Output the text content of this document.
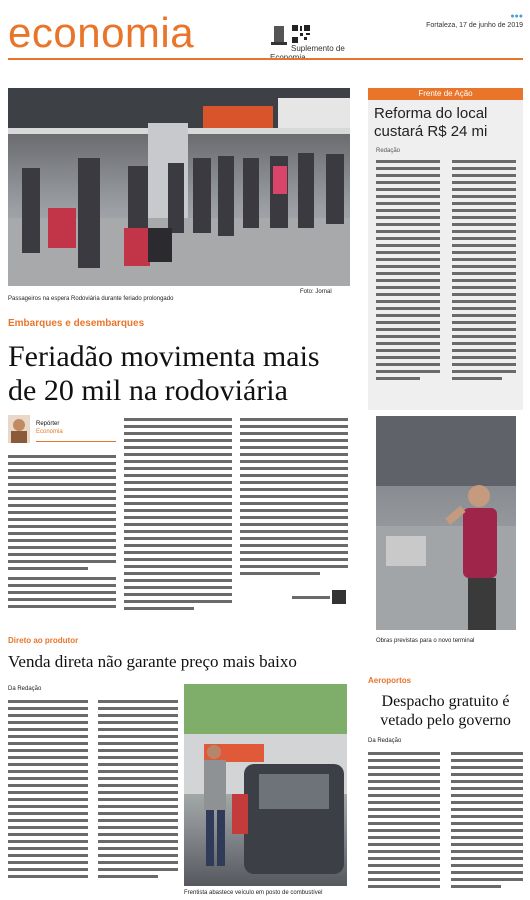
economia	Suplemento de
●●●
Fortaleza, 17 de junho de 2019
Foto: Jornal
Passageiros na espera Rodoviária durante feriado prolongado
Embarques e desembarques
Feriadão movimenta mais de 20 mil na rodoviária
Repórter
Economia
Frente de Ação
Reforma do local custará R$ 24 mi
Redação
Obras previstas para o novo terminal
Direto ao produtor
Venda direta não garante preço mais baixo
Da Redação
Frentista abastece veículo em posto de combustível
Aeroportos
Despacho gratuito é vetado pelo governo
Da Redação
